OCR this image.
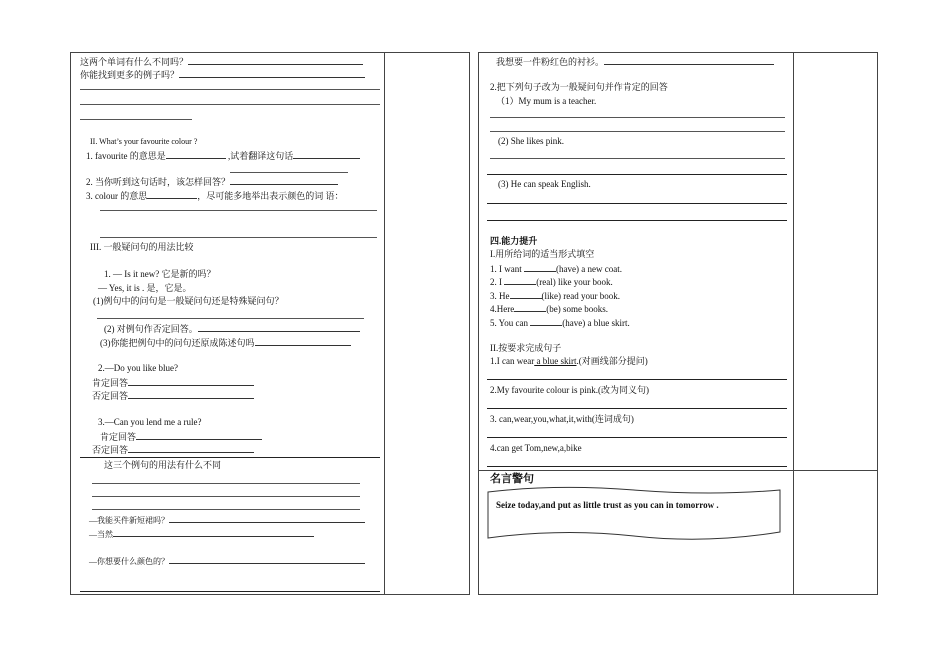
这两个单词有什么不同吗？
你能找到更多的例子吗？
II. What’s your favourite colour ?
1. favourite 的意思是	,试着翻译这句话
2. 当你听到这句话时，该怎样回答？
3. colour 的意思	，尽可能多地举出表示颜色的词 语：
III. 一般疑问句的用法比较
1. — Is it new? 它是新的吗？
— Yes, it is . 是，它是。
(1)例句中的问句是一般疑问句还是特殊疑问句？
(2) 对例句作否定回答。
(3)你能把例句中的问句还原成陈述句吗
2.—Do you like blue?
肯定回答
否定回答
3.—Can you lend me a rule?
肯定回答
否定回答
这三个例句的用法有什么不同
—我能买件新短裙吗？
—当然
—你想要什么颜色的？
我想要一件粉红色的衬衫。
2.把下列句子改为一般疑问句并作肯定的回答
（1）My mum is a teacher.
(2) She likes pink.
(3) He can speak English.
四.能力提升
I.用所给词的适当形式填空
1. I want	(have) a new coat.
2. I	(real) like your book.
3. He	(like) read your book.
4.Here	(be) some books.
5. You can	(have) a blue skirt.
II.按要求完成句子
1.I can wear a blue skirt.(对画线部分提问)
2.My favourite colour is pink.(改为同义句)
3. can,wear,you,what,it,with(连词成句)
4.can get Tom,new,a,bike
名言警句
Seize today,and put as little trust as you can in tomorrow .
